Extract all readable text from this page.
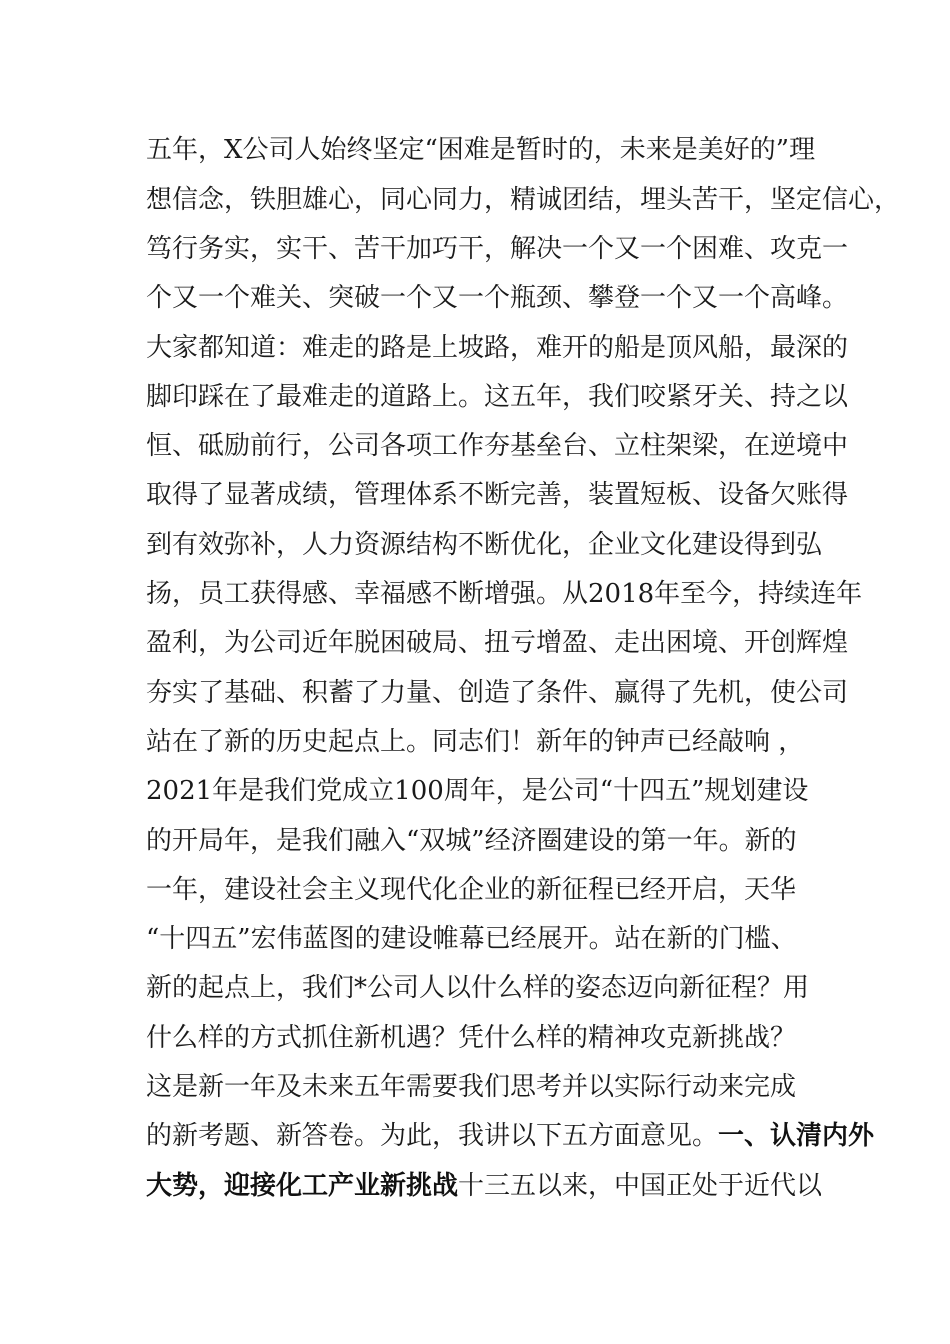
五年，X公司人始终坚定“困难是暂时的，未来是美好的”理
想信念，铁胆雄心，同心同力，精诚团结，埋头苦干，坚定信心，
笃行务实，实干、苦干加巧干，解决一个又一个困难、攻克一
个又一个难关、突破一个又一个瓶颈、攀登一个又一个高峰。
大家都知道：难走的路是上坡路，难开的船是顶风船，最深的
脚印踩在了最难走的道路上。这五年，我们咬紧牙关、持之以
恒、砥励前行，公司各项工作夯基垒台、立柱架梁，在逆境中
取得了显著成绩，管理体系不断完善，装置短板、设备欠账得
到有效弥补，人力资源结构不断优化，企业文化建设得到弘
扬，员工获得感、幸福感不断增强。从2018年至今，持续连年
盈利，为公司近年脱困破局、扭亏增盈、走出困境、开创辉煌
夯实了基础、积蓄了力量、创造了条件、赢得了先机，使公司
站在了新的历史起点上。同志们！新年的钟声已经敲响 ，
2021年是我们党成立100周年，是公司“十四五”规划建设
的开局年，是我们融入“双城”经济圈建设的第一年。新的
一年，建设社会主义现代化企业的新征程已经开启，天华
“十四五”宏伟蓝图的建设帷幕已经展开。站在新的门槛、
新的起点上，我们*公司人以什么样的姿态迈向新征程？用
什么样的方式抓住新机遇？凭什么样的精神攻克新挑战？
这是新一年及未来五年需要我们思考并以实际行动来完成
的新考题、新答卷。为此，我讲以下五方面意见。一、认清内外
大势，迎接化工产业新挑战十三五以来，中国正处于近代以
